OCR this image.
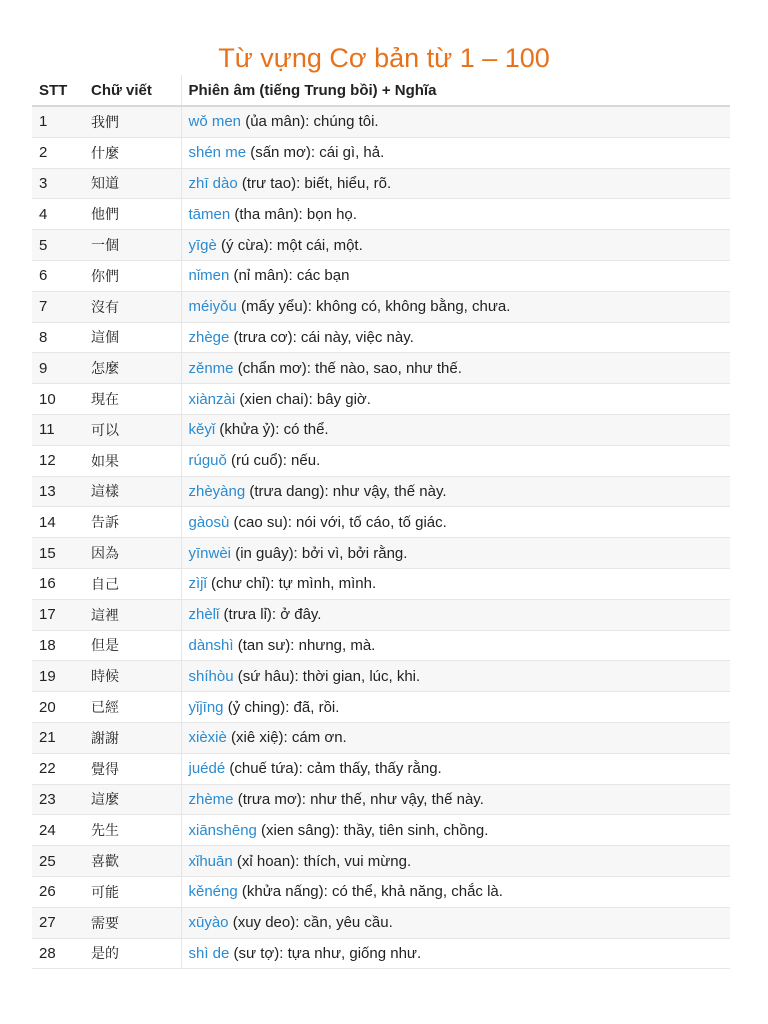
Từ vựng Cơ bản từ 1 – 100
STT	Chữ viết	Phiên âm (tiếng Trung bồi) + Nghĩa
1	我們	wǒ men (ủa mân): chúng tôi.
2	什麼	shén me (sấn mơ): cái gì, hả.
3	知道	zhī dào (trư tao): biết, hiểu, rõ.
4	他們	tāmen (tha mân): bọn họ.
5	一個	yīgè (ý cừa): một cái, một.
6	你們	nǐmen (nỉ mân): các bạn
7	沒有	méiyǒu (mấy yểu): không có, không bằng, chưa.
8	這個	zhège (trưa cơ): cái này, việc này.
9	怎麼	zěnme (chẩn mơ): thế nào, sao, như thế.
10	現在	xiànzài (xien chai): bây giờ.
11	可以	kěyǐ (khửa ỷ): có thể.
12	如果	rúguǒ (rú cuổ): nếu.
13	這樣	zhèyàng (trưa dang): như vậy, thế này.
14	告訴	gàosù (cao su): nói với, tố cáo, tố giác.
15	因為	yīnwèi (in guây): bởi vì, bởi rằng.
16	自己	zìjǐ (chư chỉ): tự mình, mình.
17	這裡	zhèlǐ (trưa lỉ): ở đây.
18	但是	dànshì (tan sư): nhưng, mà.
19	時候	shíhòu (sứ hâu): thời gian, lúc, khi.
20	已經	yǐjīng (ỷ ching): đã, rồi.
21	謝謝	xièxiè (xiê xiệ): cám ơn.
22	覺得	juédé (chuế tứa): cảm thấy, thấy rằng.
23	這麼	zhème (trưa mơ): như thế, như vậy, thế này.
24	先生	xiānshēng (xien sâng): thầy, tiên sinh, chồng.
25	喜歡	xǐhuān (xỉ hoan): thích, vui mừng.
26	可能	kěnéng (khửa nấng): có thể, khả năng, chắc là.
27	需要	xūyào (xuy deo): cần, yêu cầu.
28	是的	shì de (sư tợ): tựa như, giống như.
